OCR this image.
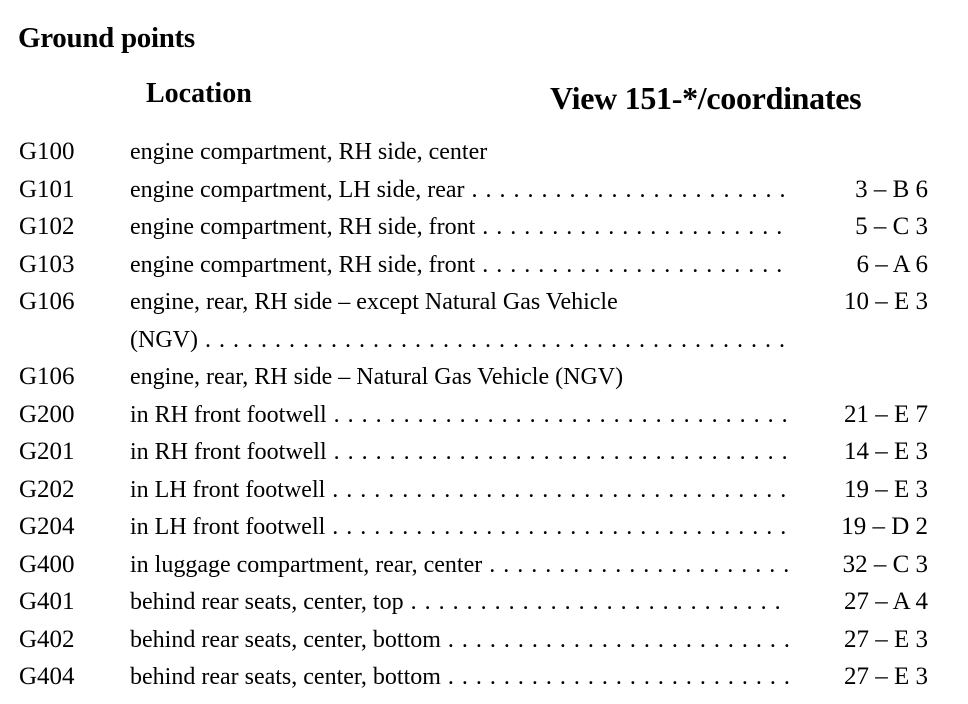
Ground points
Location	View 151-*/coordinates
G100	engine compartment, RH side, center
G101	engine compartment, LH side, rear . . .	3 – B 6
G102	engine compartment, RH side, front . . .	5 – C 3
G103	engine compartment, RH side, front . . .	6 – A 6
G106	engine, rear, RH side – except Natural Gas Vehicle	10 – E 3
(NGV) . . .
G106	engine, rear, RH side – Natural Gas Vehicle (NGV)
G200	in RH front footwell . . .	21 – E 7
G201	in RH front footwell . . .	14 – E 3
G202	in LH front footwell . . .	19 – E 3
G204	in LH front footwell . . .	19 – D 2
G400	in luggage compartment, rear, center . . .	32 – C 3
G401	behind rear seats, center, top . . .	27 – A 4
G402	behind rear seats, center, bottom . . .	27 – E 3
G404	behind rear seats, center, bottom . . .	27 – E 3
